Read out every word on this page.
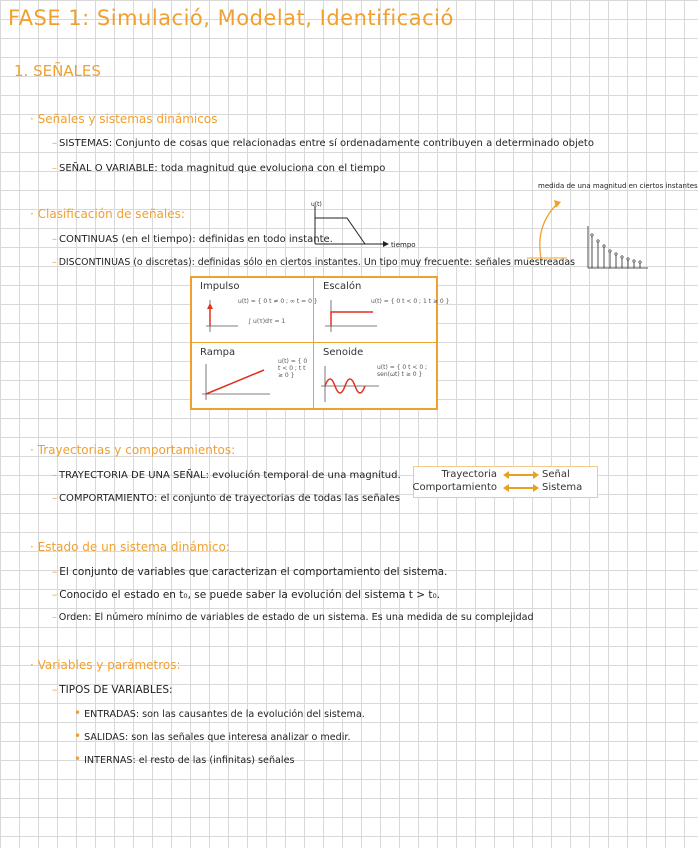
FASE 1: Simulació, Modelat, Identificació
1. SEÑALES
· Señales y sistemas dinámicos
– SISTEMAS: Conjunto de cosas que relacionadas entre sí ordenadamente contribuyen a determinado objeto
– SEÑAL O VARIABLE: toda magnitud que evoluciona con el tiempo
· Clasificación de señales:
– CONTINUAS (en el tiempo): definidas en todo instante.
– DISCONTINUAS (o discretas): definidas sólo en ciertos instantes. Un tipo muy frecuente: señales muestreadas
u(t)
tiempo
medida de una magnitud en ciertos instantes
Impulso
u(t) = { 0 t ≠ 0 ; ∞ t = 0 }
∫ u(τ)dτ = 1
Escalón
u(t) = { 0 t < 0 ; 1 t ≥ 0 }
Rampa
u(t) = { 0 t < 0 ; t t ≥ 0 }
Senoide
u(t) = { 0 t < 0 ; sen(ωt) t ≥ 0 }
· Trayectorias y comportamientos:
– TRAYECTORIA DE UNA SEÑAL: evolución temporal de una magnitud.
– COMPORTAMIENTO: el conjunto de trayectorias de todas las señales
Trayectoria	Señal
Comportamiento	Sistema
· Estado de un sistema dinámico:
– El conjunto de variables que caracterizan el comportamiento del sistema.
– Conocido el estado en t₀, se puede saber la evolución del sistema t > t₀.
– Orden: El número mínimo de variables de estado de un sistema. Es una medida de su complejidad
· Variables y parámetros:
– TIPOS DE VARIABLES:
• ENTRADAS: son las causantes de la evolución del sistema.
• SALIDAS: son las señales que interesa analizar o medir.
• INTERNAS: el resto de las (infinitas) señales
